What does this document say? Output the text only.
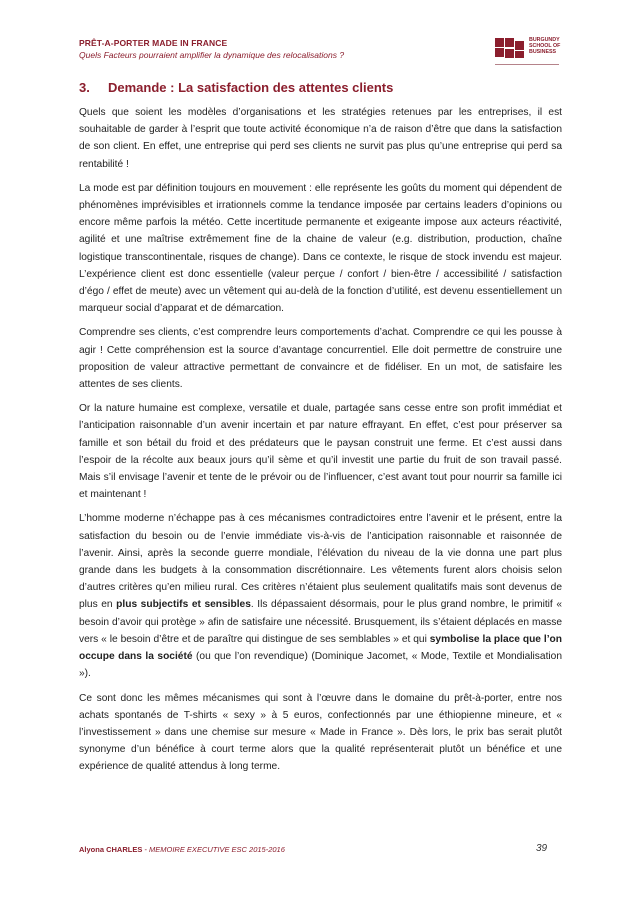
PRÊT-A-PORTER MADE IN FRANCE
Quels Facteurs pourraient amplifier la dynamique des relocalisations ?
BURGUNDY
SCHOOL OF
BUSINESS
3.	Demande : La satisfaction des attentes clients

Quels que soient les modèles d’organisations et les stratégies retenues par les entreprises, il est souhaitable de garder à l’esprit que toute activité économique n’a de raison d’être que dans la satisfaction de son client. En effet, une entreprise qui perd ses clients ne survit pas plus qu’une entreprise qui perd sa rentabilité !

La mode est par définition toujours en mouvement : elle représente les goûts du moment qui dépendent de phénomènes imprévisibles et irrationnels comme la tendance imposée par certains leaders d’opinions ou encore même parfois la météo. Cette incertitude permanente et exigeante impose aux acteurs réactivité, agilité et une maîtrise extrêmement fine de la chaine de valeur (e.g. distribution, production, chaîne logistique transcontinentale, risques de change). Dans ce contexte, le risque de stock invendu est majeur. L’expérience client est donc essentielle (valeur perçue / confort / bien-être / accessibilité / satisfaction d’égo / effet de meute) avec un vêtement qui au-delà de la fonction d’utilité, est devenu essentiellement un marqueur social d’apparat et de démarcation.

Comprendre ses clients, c’est comprendre leurs comportements d’achat. Comprendre ce qui les pousse à agir ! Cette compréhension est la source d’avantage concurrentiel. Elle doit permettre de construire une proposition de valeur attractive permettant de convaincre et de fidéliser. En un mot, de satisfaire les attentes de ses clients.

Or la nature humaine est complexe, versatile et duale, partagée sans cesse entre son profit immédiat et l’anticipation raisonnable d’un avenir incertain et par nature effrayant. En effet, c’est pour préserver sa famille et son bétail du froid et des prédateurs que le paysan construit une ferme. Et c’est aussi dans l’espoir de la récolte aux beaux jours qu’il sème et qu’il investit une partie du fruit de son travail passé. Mais s’il envisage l’avenir et tente de le prévoir ou de l’influencer, c’est avant tout pour nourrir sa famille ici et maintenant !

L’homme moderne n’échappe pas à ces mécanismes contradictoires entre l’avenir et le présent, entre la satisfaction du besoin ou de l’envie immédiate vis-à-vis de l’anticipation raisonnable et raisonnée de l’avenir. Ainsi, après la seconde guerre mondiale, l’élévation du niveau de la vie donna une part plus grande dans les budgets à la consommation discrétionnaire. Les vêtements furent alors choisis selon d’autres critères qu’en milieu rural. Ces critères n’étaient plus seulement qualitatifs mais sont devenus de plus en plus subjectifs et sensibles. Ils dépassaient désormais, pour le plus grand nombre, le primitif « besoin d’avoir qui protège » afin de satisfaire une nécessité. Brusquement, ils s’étaient déplacés en masse vers « le besoin d’être et de paraître qui distingue de ses semblables » et qui symbolise la place que l’on occupe dans la société (ou que l’on revendique) (Dominique Jacomet, « Mode, Textile et Mondialisation »).

Ce sont donc les mêmes mécanismes qui sont à l’œuvre dans le domaine du prêt-à-porter, entre nos achats spontanés de T-shirts « sexy » à 5 euros, confectionnés par une éthiopienne mineure, et « l’investissement » dans une chemise sur mesure « Made in France ». Dès lors, le prix bas serait plutôt synonyme d’un bénéfice à court terme alors que la qualité représenterait plutôt un bénéfice et une expérience de qualité attendus à long terme.

Alyona CHARLES - MEMOIRE EXECUTIVE ESC 2015-2016	39
